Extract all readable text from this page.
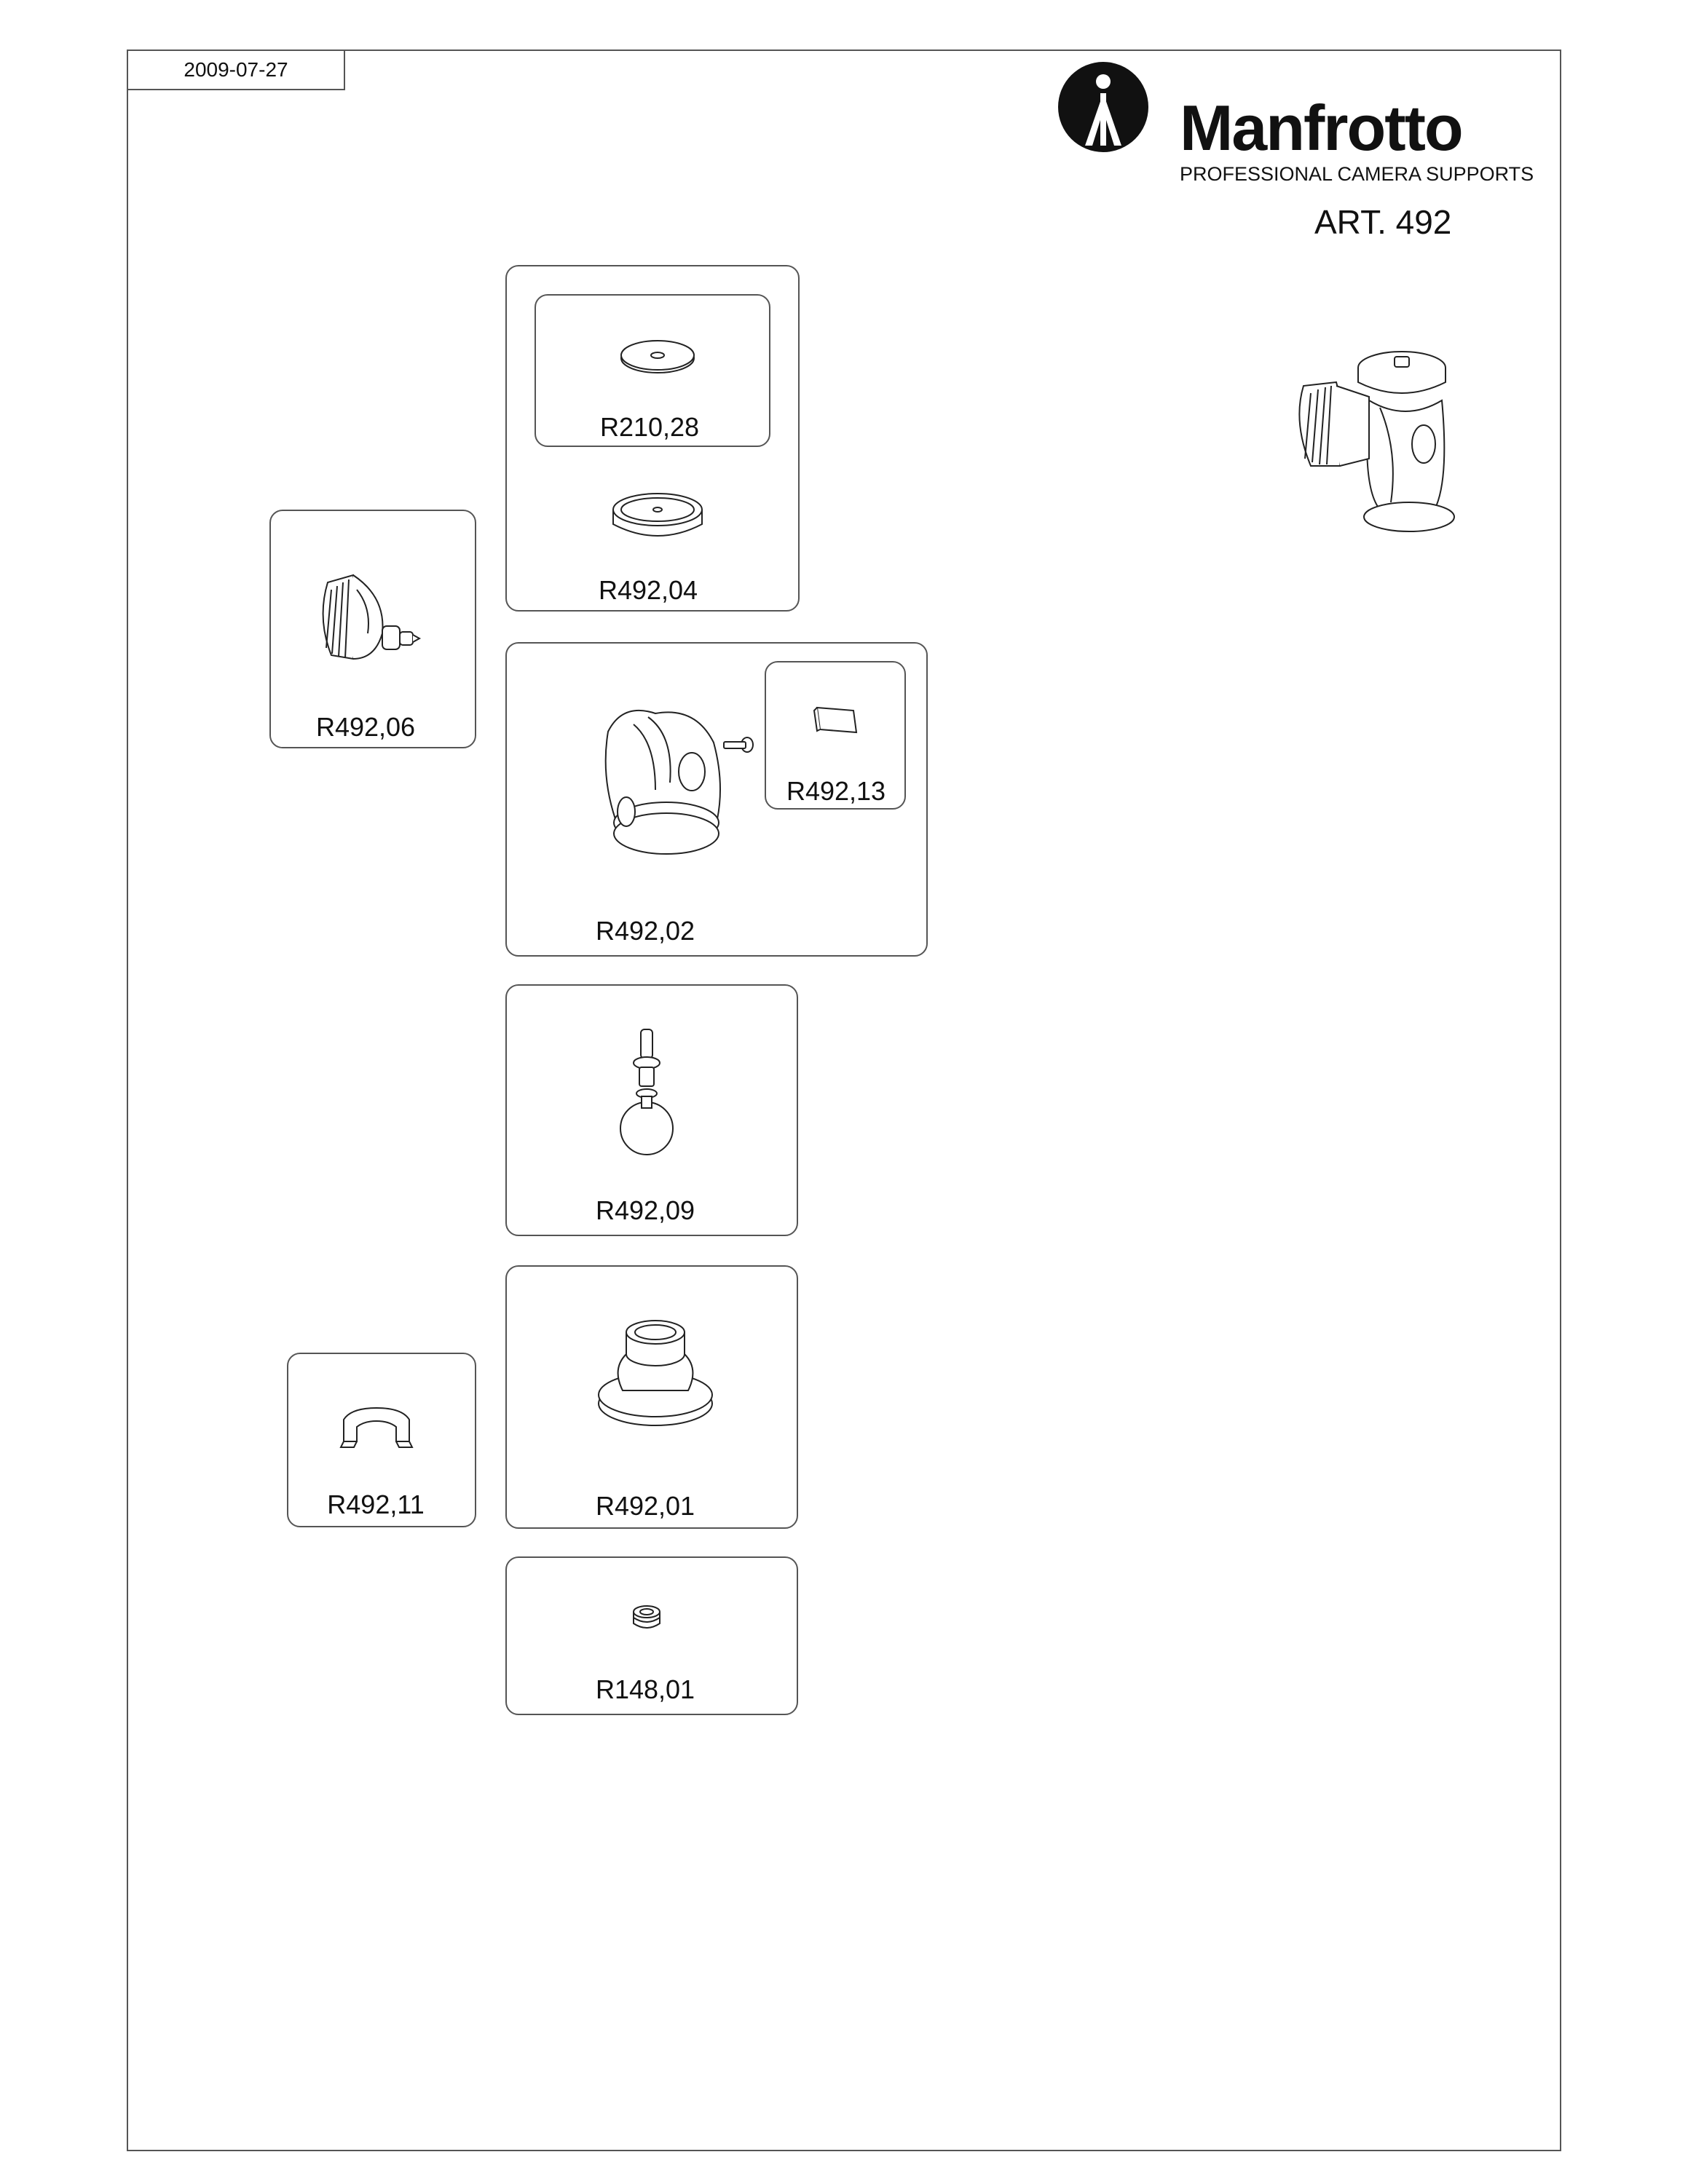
2009-07-27
Manfrotto
PROFESSIONAL CAMERA SUPPORTS
ART. 492
R210,28
R492,04
R492,06
R492,13
R492,02
R492,09
R492,11	R492,01
R148,01
